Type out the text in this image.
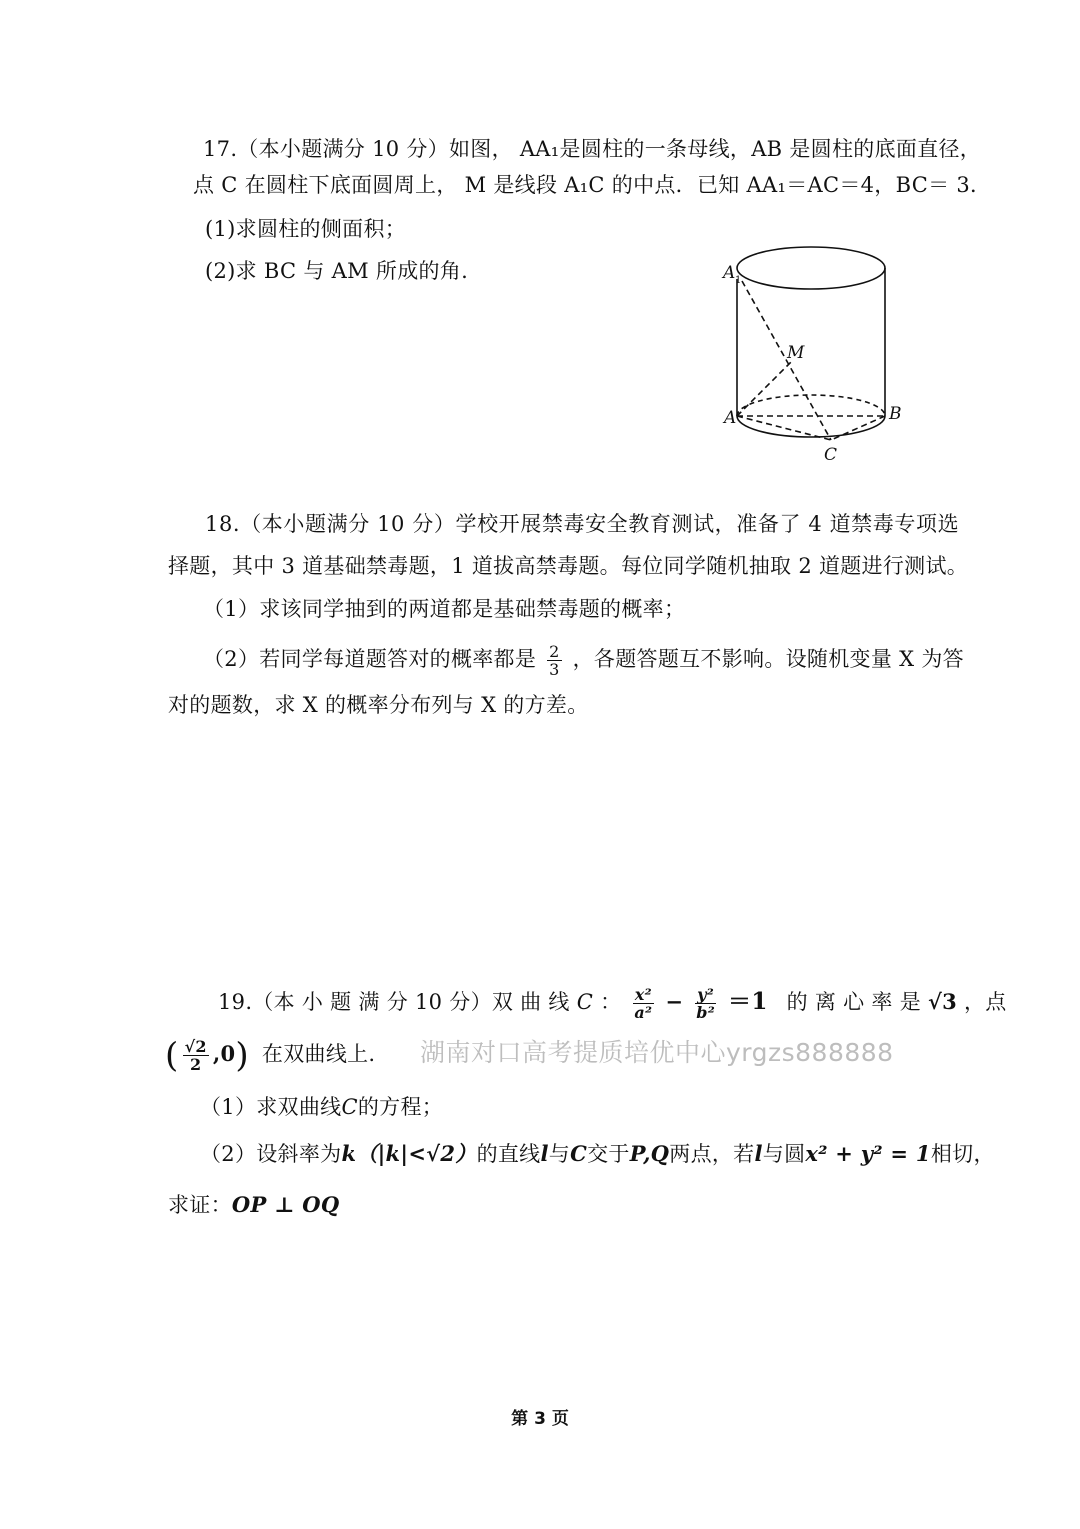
17.（本小题满分 10 分）如图， AA₁是圆柱的一条母线，AB 是圆柱的底面直径，
点 C 在圆柱下底面圆周上， M 是线段 A₁C 的中点．已知 AA₁＝AC＝4，BC＝ 3．
(1)求圆柱的侧面积；
(2)求 BC 与 AM 所成的角.	A 1
M
A	B
C
18.（本小题满分 10 分）学校开展禁毒安全教育测试，准备了 4 道禁毒专项选
择题，其中 3 道基础禁毒题，1 道拔高禁毒题。每位同学随机抽取 2 道题进行测试。
（1）求该同学抽到的两道都是基础禁毒题的概率；
（2）若同学每道题答对的概率都是 $\frac{2}{3}$ ，各题答题互不影响。设随机变量 X 为答
对的题数，求 X 的概率分布列与 X 的方差。
19.（本 小 题 满 分 10 分）双 曲 线 C ： $\frac{\text{x²}}{\text{a²}} - \frac{\text{y²}}{\text{b²}} =1$ 的 离 心 率 是 √3 ，点
( $\frac{√2}{2} ,0$) 在双曲线上.
（1）求双曲线C的方程；
（2）设斜率为k（|k|<√2）的直线l与C交于P,Q两点，若l与圆x² + y² = 1相切，
求证：OP ⊥ OQ
湖南对口高考提质培优中心yrgzs888888
第 3 页
